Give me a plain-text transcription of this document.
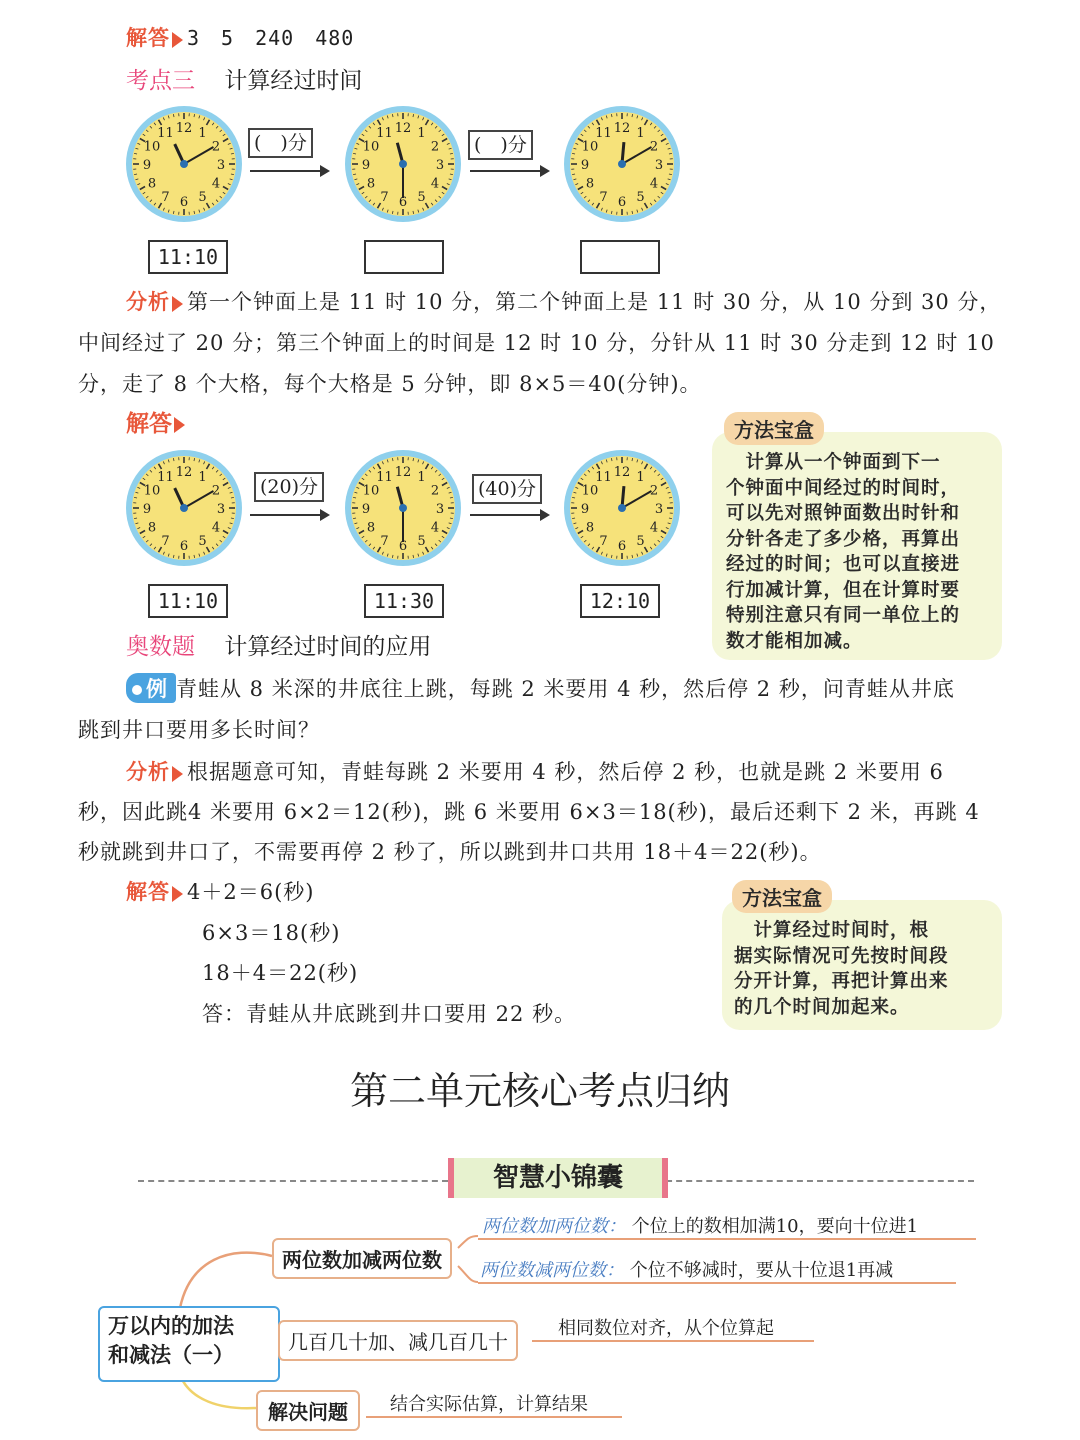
解答 3　5　240　480
考点三 计算经过时间
12 1
2
3
4
5
6
7
8
9
10
11	12 1
2
3
4
5
6
7
8
9
10
11	12 1
2
3
4
5
6
7
8
9
10
11
(　)分	(　)分
11:10
分析 第一个钟面上是 11 时 10 分，第二个钟面上是 11 时 30 分，从 10 分到 30 分，
中间经过了 20 分；第三个钟面上的时间是 12 时 10 分，分针从 11 时 30 分走到 12 时 10
分，走了 8 个大格，每个大格是 5 分钟，即 8×5＝40(分钟)。
解答
12 1
2
3
4
5
6
7
8
9
10
11	12 1
2
3
4
5
6
7
8
9
10
11	12 1
2
3
4
5
6
7
8
9
10
11
(20)分	(40)分
11:10	11:30	12:10
方法宝盒
　计算从一个钟面到下一
个钟面中间经过的时间时，
可以先对照钟面数出时针和
分针各走了多少格，再算出
经过的时间；也可以直接进
行加减计算，但在计算时要
特别注意只有同一单位上的
数才能相加减。
奥数题 计算经过时间的应用
例 青蛙从 8 米深的井底往上跳，每跳 2 米要用 4 秒，然后停 2 秒，问青蛙从井底
跳到井口要用多长时间？
分析 根据题意可知，青蛙每跳 2 米要用 4 秒，然后停 2 秒，也就是跳 2 米要用 6
秒，因此跳4 米要用 6×2＝12(秒)，跳 6 米要用 6×3＝18(秒)，最后还剩下 2 米，再跳 4
秒就跳到井口了，不需要再停 2 秒了，所以跳到井口共用 18＋4＝22(秒)。
解答 4＋2＝6(秒)
6×3＝18(秒)
18＋4＝22(秒)
答：青蛙从井底跳到井口要用 22 秒。
方法宝盒
　计算经过时间时，根
据实际情况可先按时间段
分开计算，再把计算出来
的几个时间加起来。
第二单元核心考点归纳
智慧小锦囊
万以内的加法
和减法（一）
两位数加减两位数
两位数加两位数： 个位上的数相加满10，要向十位进1
两位数减两位数： 个位不够减时，要从十位退1再减
几百几十加、减几百几十
相同数位对齐，从个位算起
解决问题	结合实际估算，计算结果
